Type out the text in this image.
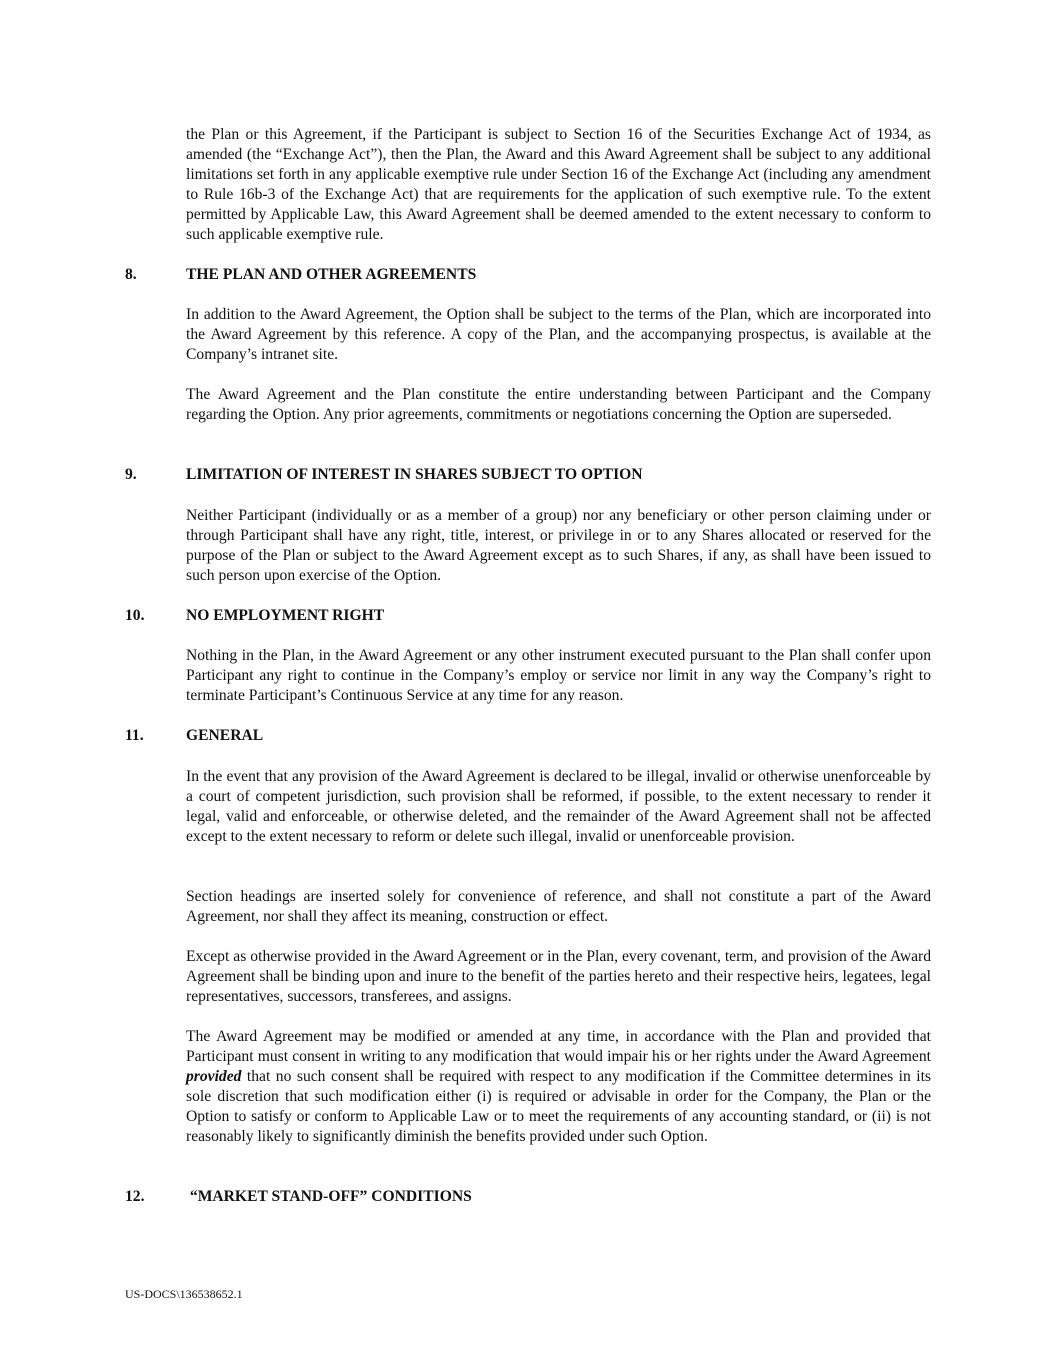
the Plan or this Agreement, if the Participant is subject to Section 16 of the Securities Exchange Act of 1934, as amended (the “Exchange Act”), then the Plan, the Award and this Award Agreement shall be subject to any additional limitations set forth in any applicable exemptive rule under Section 16 of the Exchange Act (including any amendment to Rule 16b-3 of the Exchange Act) that are requirements for the application of such exemptive rule. To the extent permitted by Applicable Law, this Award Agreement shall be deemed amended to the extent necessary to conform to such applicable exemptive rule.

8.	THE PLAN AND OTHER AGREEMENTS

In addition to the Award Agreement, the Option shall be subject to the terms of the Plan, which are incorporated into the Award Agreement by this reference. A copy of the Plan, and the accompanying prospectus, is available at the Company’s intranet site.

The Award Agreement and the Plan constitute the entire understanding between Participant and the Company regarding the Option. Any prior agreements, commitments or negotiations concerning the Option are superseded.

9.	LIMITATION OF INTEREST IN SHARES SUBJECT TO OPTION

Neither Participant (individually or as a member of a group) nor any beneficiary or other person claiming under or through Participant shall have any right, title, interest, or privilege in or to any Shares allocated or reserved for the purpose of the Plan or subject to the Award Agreement except as to such Shares, if any, as shall have been issued to such person upon exercise of the Option.

10.	NO EMPLOYMENT RIGHT

Nothing in the Plan, in the Award Agreement or any other instrument executed pursuant to the Plan shall confer upon Participant any right to continue in the Company’s employ or service nor limit in any way the Company’s right to terminate Participant’s Continuous Service at any time for any reason.

11.	GENERAL

In the event that any provision of the Award Agreement is declared to be illegal, invalid or otherwise unenforceable by a court of competent jurisdiction, such provision shall be reformed, if possible, to the extent necessary to render it legal, valid and enforceable, or otherwise deleted, and the remainder of the Award Agreement shall not be affected except to the extent necessary to reform or delete such illegal, invalid or unenforceable provision.

Section headings are inserted solely for convenience of reference, and shall not constitute a part of the Award Agreement, nor shall they affect its meaning, construction or effect.

Except as otherwise provided in the Award Agreement or in the Plan, every covenant, term, and provision of the Award Agreement shall be binding upon and inure to the benefit of the parties hereto and their respective heirs, legatees, legal representatives, successors, transferees, and assigns.

The Award Agreement may be modified or amended at any time, in accordance with the Plan and provided that Participant must consent in writing to any modification that would impair his or her rights under the Award Agreement provided that no such consent shall be required with respect to any modification if the Committee determines in its sole discretion that such modification either (i) is required or advisable in order for the Company, the Plan or the Option to satisfy or conform to Applicable Law or to meet the requirements of any accounting standard, or (ii) is not reasonably likely to significantly diminish the benefits provided under such Option.

12.	“MARKET STAND-OFF” CONDITIONS
US-DOCS\136538652.1
